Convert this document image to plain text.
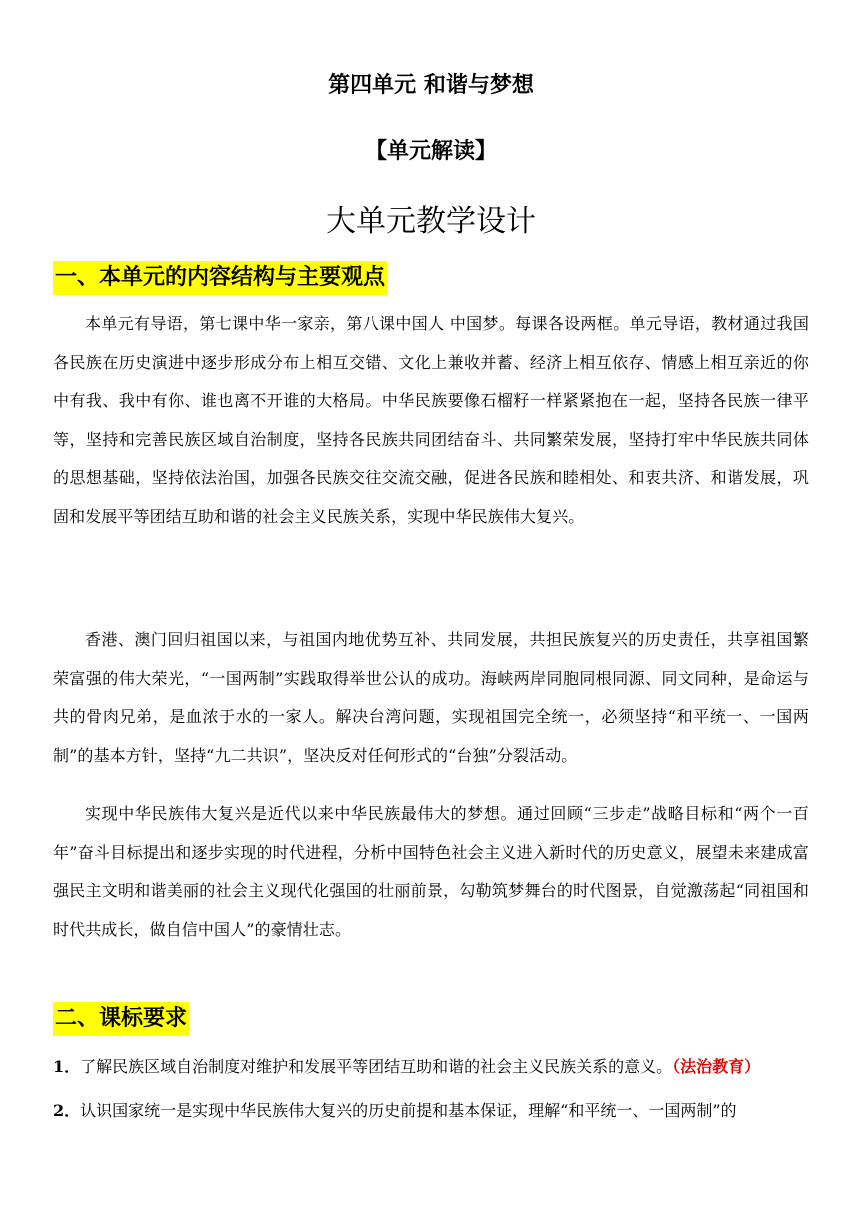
第四单元 和谐与梦想
【单元解读】
大单元教学设计
一、本单元的内容结构与主要观点

本单元有导语，第七课中华一家亲，第八课中国人 中国梦。每课各设两框。单元导语，教材通过我国各民族在历史演进中逐步形成分布上相互交错、文化上兼收并蓄、经济上相互依存、情感上相互亲近的你中有我、我中有你、谁也离不开谁的大格局。中华民族要像石榴籽一样紧紧抱在一起，坚持各民族一律平等，坚持和完善民族区域自治制度，坚持各民族共同团结奋斗、共同繁荣发展，坚持打牢中华民族共同体的思想基础，坚持依法治国，加强各民族交往交流交融，促进各民族和睦相处、和衷共济、和谐发展，巩固和发展平等团结互助和谐的社会主义民族关系，实现中华民族伟大复兴。

香港、澳门回归祖国以来，与祖国内地优势互补、共同发展，共担民族复兴的历史责任，共享祖国繁荣富强的伟大荣光，“一国两制”实践取得举世公认的成功。海峡两岸同胞同根同源、同文同种，是命运与共的骨肉兄弟，是血浓于水的一家人。解决台湾问题，实现祖国完全统一，必须坚持“和平统一、一国两制”的基本方针，坚持“九二共识”，坚决反对任何形式的“台独”分裂活动。

实现中华民族伟大复兴是近代以来中华民族最伟大的梦想。通过回顾“三步走”战略目标和“两个一百年”奋斗目标提出和逐步实现的时代进程，分析中国特色社会主义进入新时代的历史意义，展望未来建成富强民主文明和谐美丽的社会主义现代化强国的壮丽前景，勾勒筑梦舞台的时代图景，自觉激荡起“同祖国和时代共成长，做自信中国人”的豪情壮志。

二、课标要求

1．了解民族区域自治制度对维护和发展平等团结互助和谐的社会主义民族关系的意义。（法治教育）

2．认识国家统一是实现中华民族伟大复兴的历史前提和基本保证，理解“和平统一、一国两制”的
